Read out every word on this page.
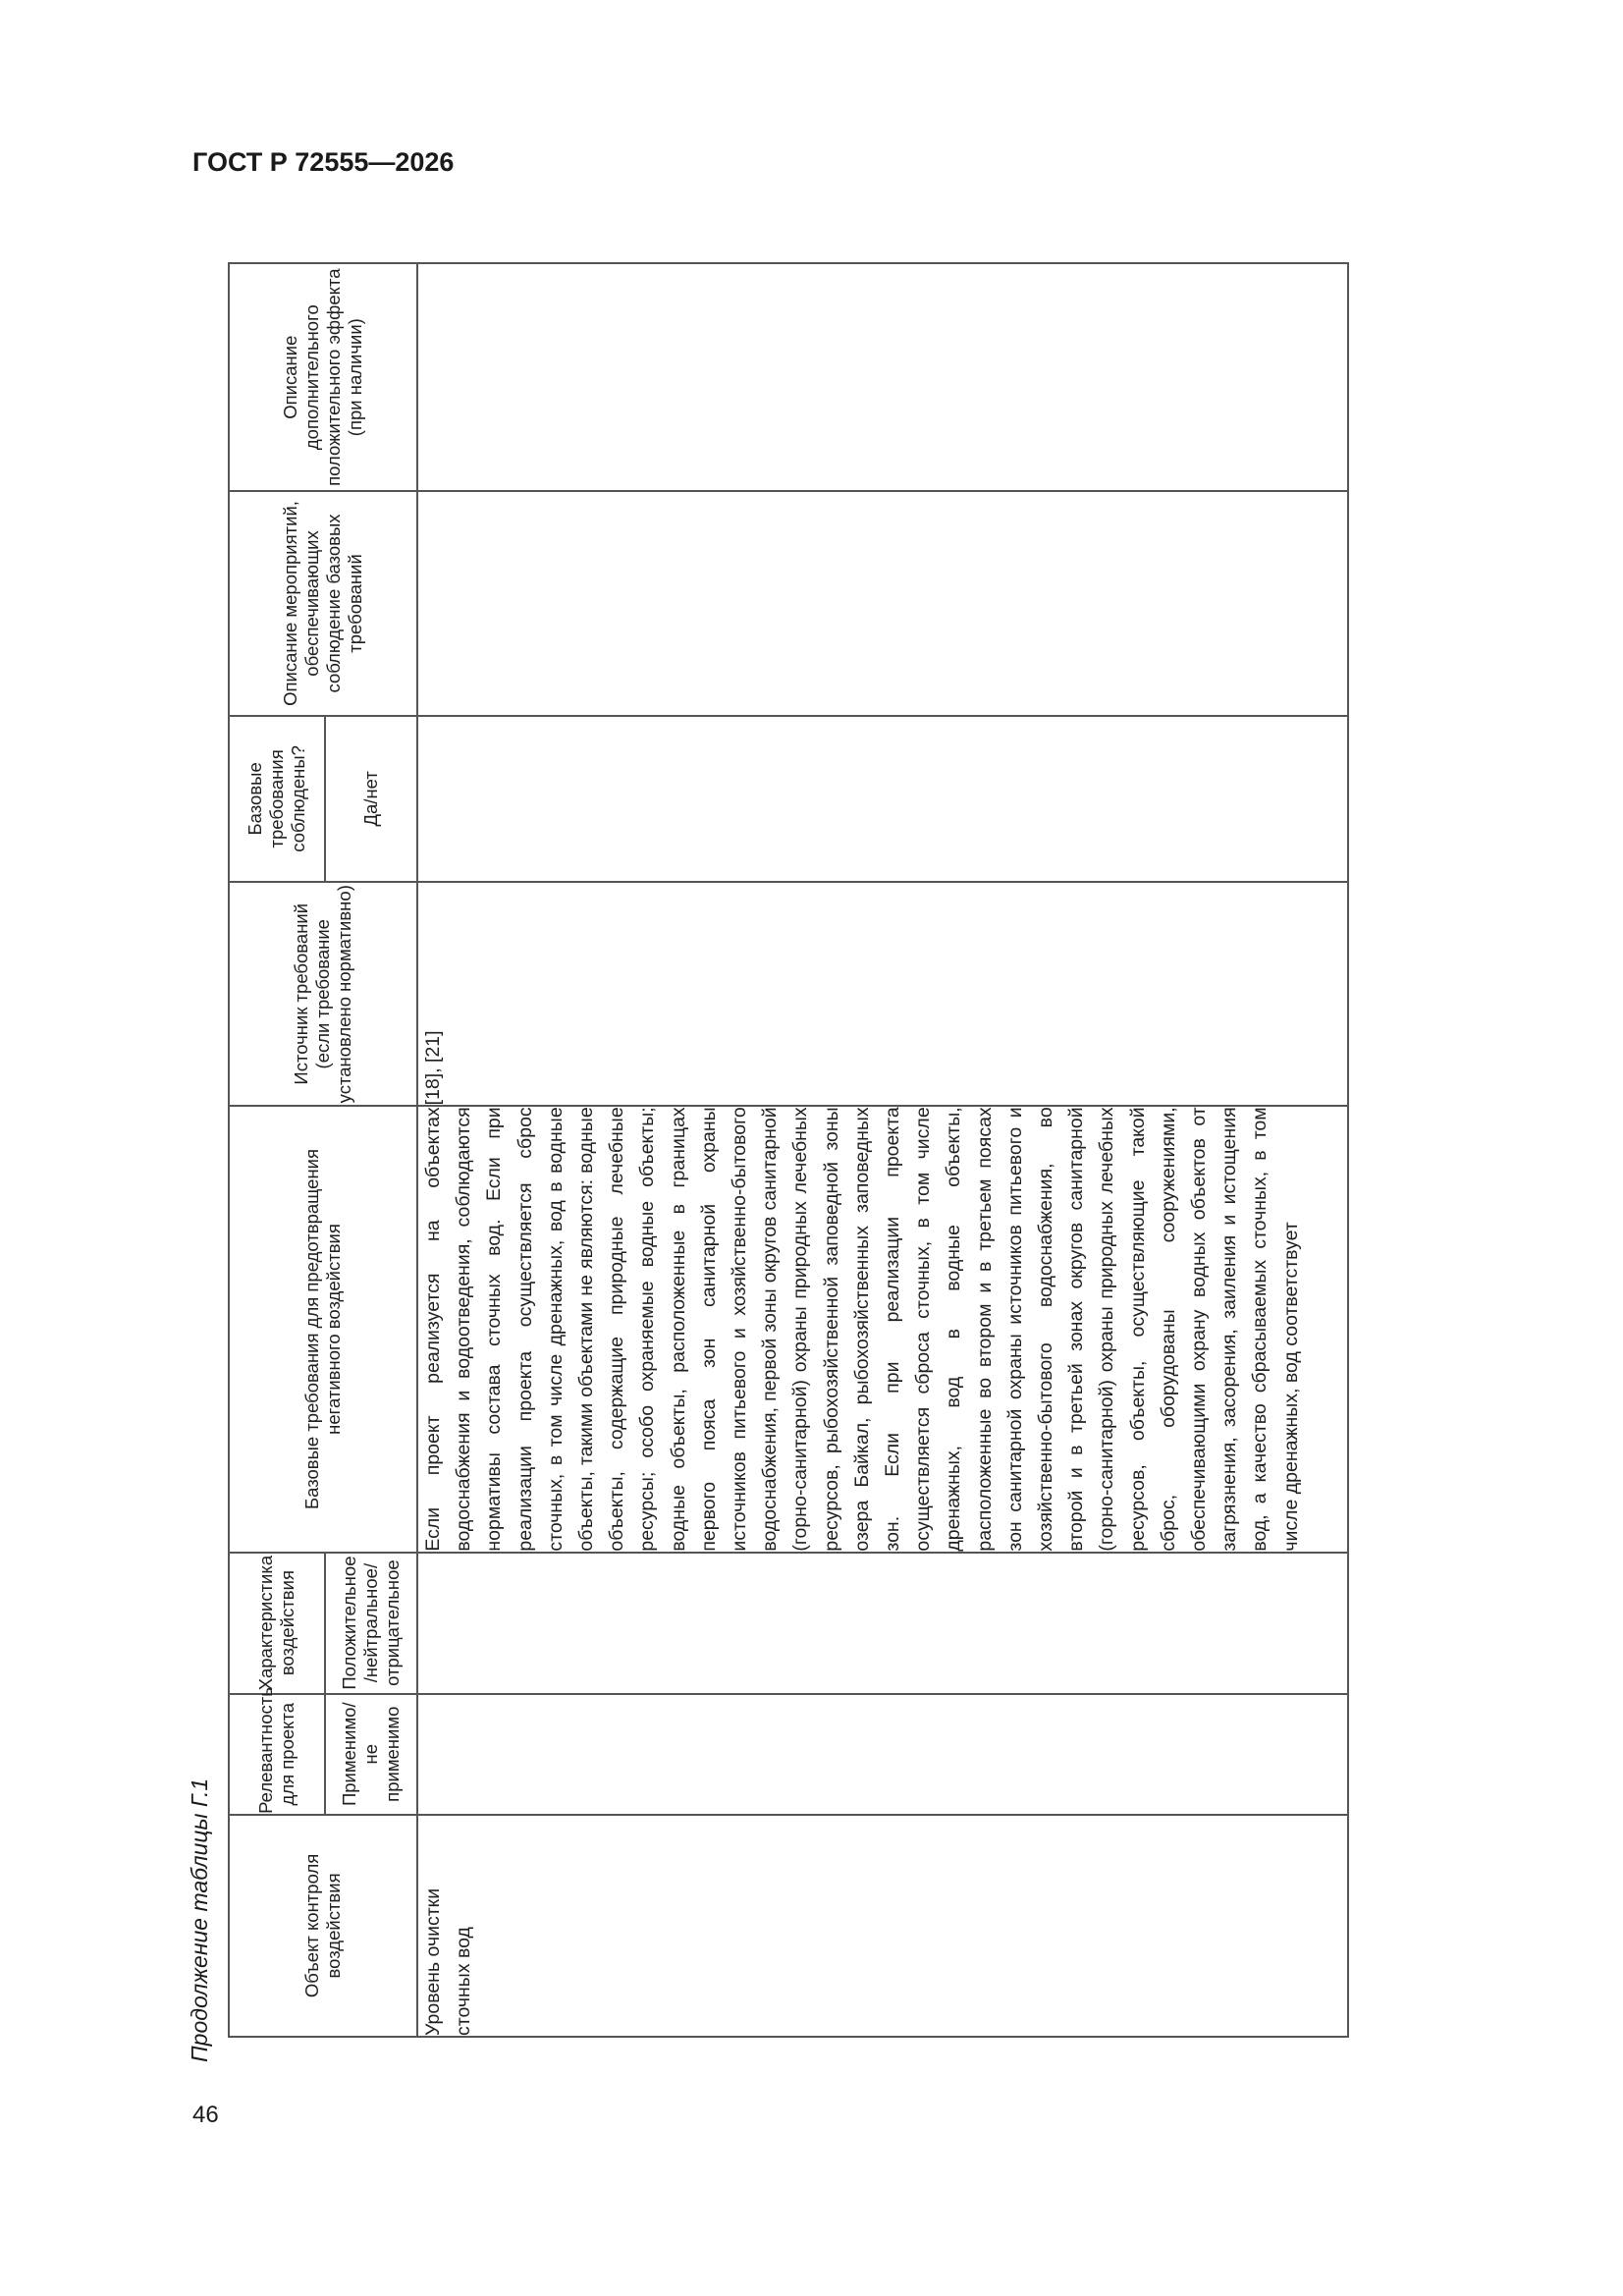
ГОСТ Р 72555—2026
Продолжение таблицы Г.1	Объект контроля воздействия	Релевантность для проекта	Характеристика воздействия	Базовые требования для предотвращения негативного воздействия	Источник требований (если требование установлено нормативно)	Базовые требования соблюдены?	Описание мероприятий, обеспечивающих соблюдение базовых требований	Описание дополнительного положительного эффекта (при наличии)
	Применимо/ не применимо	Положительное /нейтральное/ отрицательное			Да/нет		
Уровень очистки сточных вод			Если проект реализуется на объектах водоснабжения и водоотведения, соблюдаются нормативы состава сточных вод. Если при реализации проекта осуществляется сброс сточных, в том числе дренажных, вод в водные объекты, такими объектами не являются: водные объекты, содержащие природные лечебные ресурсы; особо охраняемые водные объекты; водные объекты, расположенные в границах первого пояса зон санитарной охраны источников питьевого и хозяйственно-бытового водоснабжения, первой зоны округов санитарной (горно-санитарной) охраны природных лечебных ресурсов, рыбохозяйственной заповедной зоны озера Байкал, рыбохозяйственных заповедных зон. Если при реализации проекта осуществляется сброса сточных, в том числе дренажных, вод в водные объекты, расположенные во втором и в третьем поясах зон санитарной охраны источников питьевого и хозяйственно-бытового водоснабжения, во второй и в третьей зонах округов санитарной (горно-санитарной) охраны природных лечебных ресурсов, объекты, осуществляющие такой сброс, оборудованы сооружениями, обеспечивающими охрану водных объектов от загрязнения, засорения, заиления и истощения вод, а качество сбрасываемых сточных, в том числе дренажных, вод соответствует	[18], [21]			
46
